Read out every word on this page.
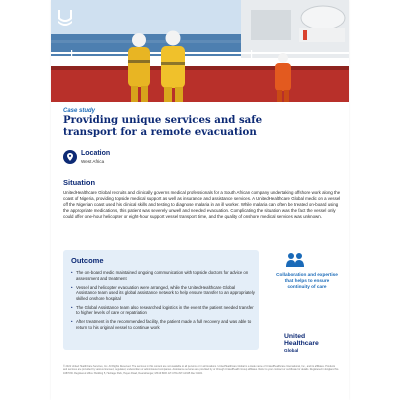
Case study
Providing unique services and safe transport for a remote evacuation
Location
West Africa
Situation

UnitedHealthcare Global recruits and clinically governs medical professionals for a South African company undertaking offshore work along the coast of Nigeria, providing topside medical support as well as insurance and assistance services. A UnitedHealthcare Global medic on a vessel off the Nigerian coast used his clinical skills and testing to diagnose malaria in an ill worker. While malaria can often be treated on-board using the appropriate medications, this patient was severely unwell and needed evacuation. Complicating the situation was the fact the vessel only could offer one-hour helicopter or eight-hour support vessel transport time, and the quality of onshore medical services was unknown.

Outcome
• The on-board medic maintained ongoing communication with topside doctors for advice on assessment and treatment
• Vessel and helicopter evacuation were arranged, while the UnitedHealthcare Global Assistance team used its global assistance network to help ensure transfer to an appropriately skilled onshore hospital
• The Global Assistance team also researched logistics in the event the patient needed transfer to higher levels of care or repatriation
• After treatment in the recommended facility, the patient made a full recovery and was able to return to his original vessel to continue work

Collaboration and expertise that helps to ensure continuity of care

United
Healthcare
Global

© 2021 United HealthCare Services, Inc. All Rights Reserved. The services in this content are not available to all persons or in all locations. UnitedHealthcare Global is a trade name of UnitedHealthcare International, Inc., and its affiliates. Products and services are provided by various licensed, regulated, underwritten or administered companies. Assistance services are provided by or through UnitedHealth Group affiliates. Refer to your contract or certificate for details. Registered in England No. 1087036. Registered office: Building 5, Heritage Park, Hayes Road, Deanshanger, MK19 6DR. ET-UHG-INT-12345 Rev 04/21
